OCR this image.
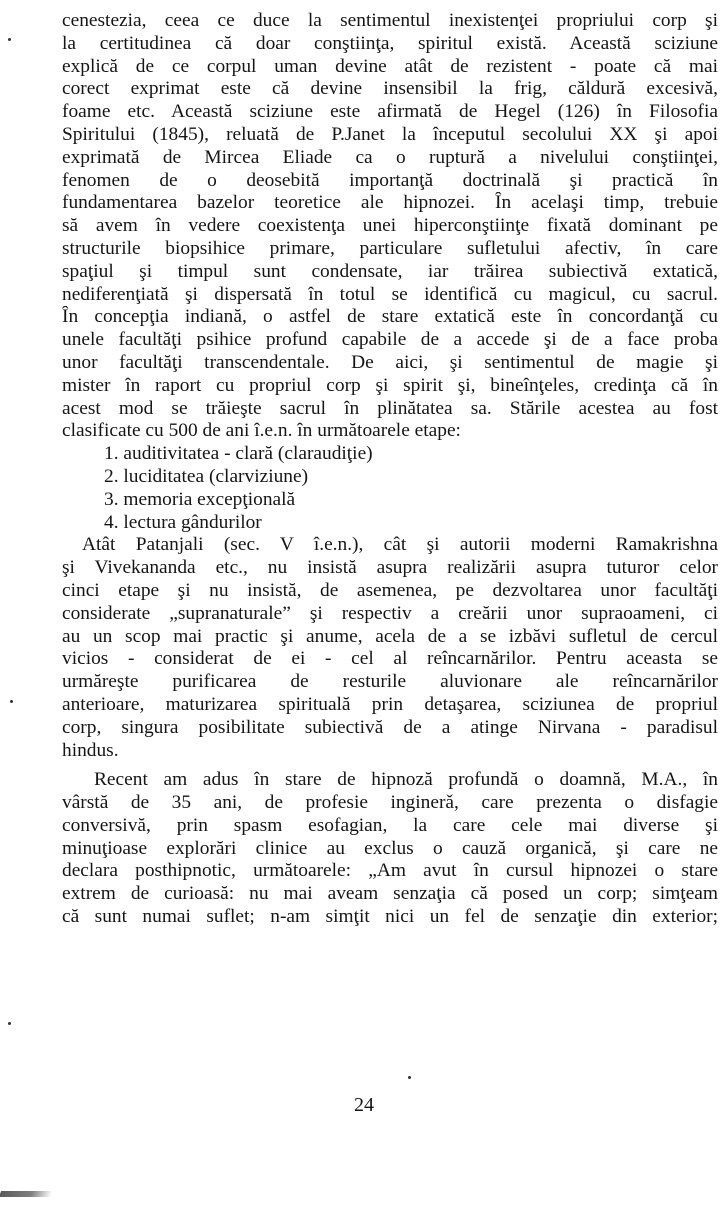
cenestezia, ceea ce duce la sentimentul inexistenţei propriului corp şi
la certitudinea că doar conştiinţa, spiritul există. Această sciziune
explică de ce corpul uman devine atât de rezistent - poate că mai
corect exprimat este că devine insensibil la frig, căldură excesivă,
foame etc. Această sciziune este afirmată de Hegel (126) în Filosofia
Spiritului (1845), reluată de P.Janet la începutul secolului XX şi apoi
exprimată de Mircea Eliade ca o ruptură a nivelului conştiinţei,
fenomen de o deosebită importanţă doctrinală şi practică în
fundamentarea bazelor teoretice ale hipnozei. În acelaşi timp, trebuie
să avem în vedere coexistenţa unei hiperconştiinţe fixată dominant pe
structurile biopsihice primare, particulare sufletului afectiv, în care
spaţiul şi timpul sunt condensate, iar trăirea subiectivă extatică,
nediferenţiată şi dispersată în totul se identifică cu magicul, cu sacrul.
În concepţia indiană, o astfel de stare extatică este în concordanţă cu
unele facultăţi psihice profund capabile de a accede şi de a face proba
unor facultăţi transcendentale. De aici, şi sentimentul de magie şi
mister în raport cu propriul corp şi spirit şi, bineînţeles, credinţa că în
acest mod se trăieşte sacrul în plinătatea sa. Stările acestea au fost
clasificate cu 500 de ani î.e.n. în următoarele etape:
1. auditivitatea - clară (claraudiţie)
2. luciditatea (clarviziune)
3. memoria excepţională
4. lectura gândurilor
Atât Patanjali (sec. V î.e.n.), cât şi autorii moderni Ramakrishna
şi Vivekananda etc., nu insistă asupra realizării asupra tuturor celor
cinci etape şi nu insistă, de asemenea, pe dezvoltarea unor facultăţi
considerate „supranaturale” şi respectiv a creării unor supraoameni, ci
au un scop mai practic şi anume, acela de a se izbăvi sufletul de cercul
vicios - considerat de ei - cel al reîncarnărilor. Pentru aceasta se
urmăreşte purificarea de resturile aluvionare ale reîncarnărilor
anterioare, maturizarea spirituală prin detaşarea, sciziunea de propriul
corp, singura posibilitate subiectivă de a atinge Nirvana - paradisul
hindus.
Recent am adus în stare de hipnoză profundă o doamnă, M.A., în
vârstă de 35 ani, de profesie inginerǎ, care prezenta o disfagie
conversivă, prin spasm esofagian, la care cele mai diverse şi
minuţioase explorări clinice au exclus o cauză organică, şi care ne
declara posthipnotic, următoarele: „Am avut în cursul hipnozei o stare
extrem de curioasă: nu mai aveam senzaţia că posed un corp; simţeam
că sunt numai suflet; n-am simţit nici un fel de senzaţie din exterior;
24
